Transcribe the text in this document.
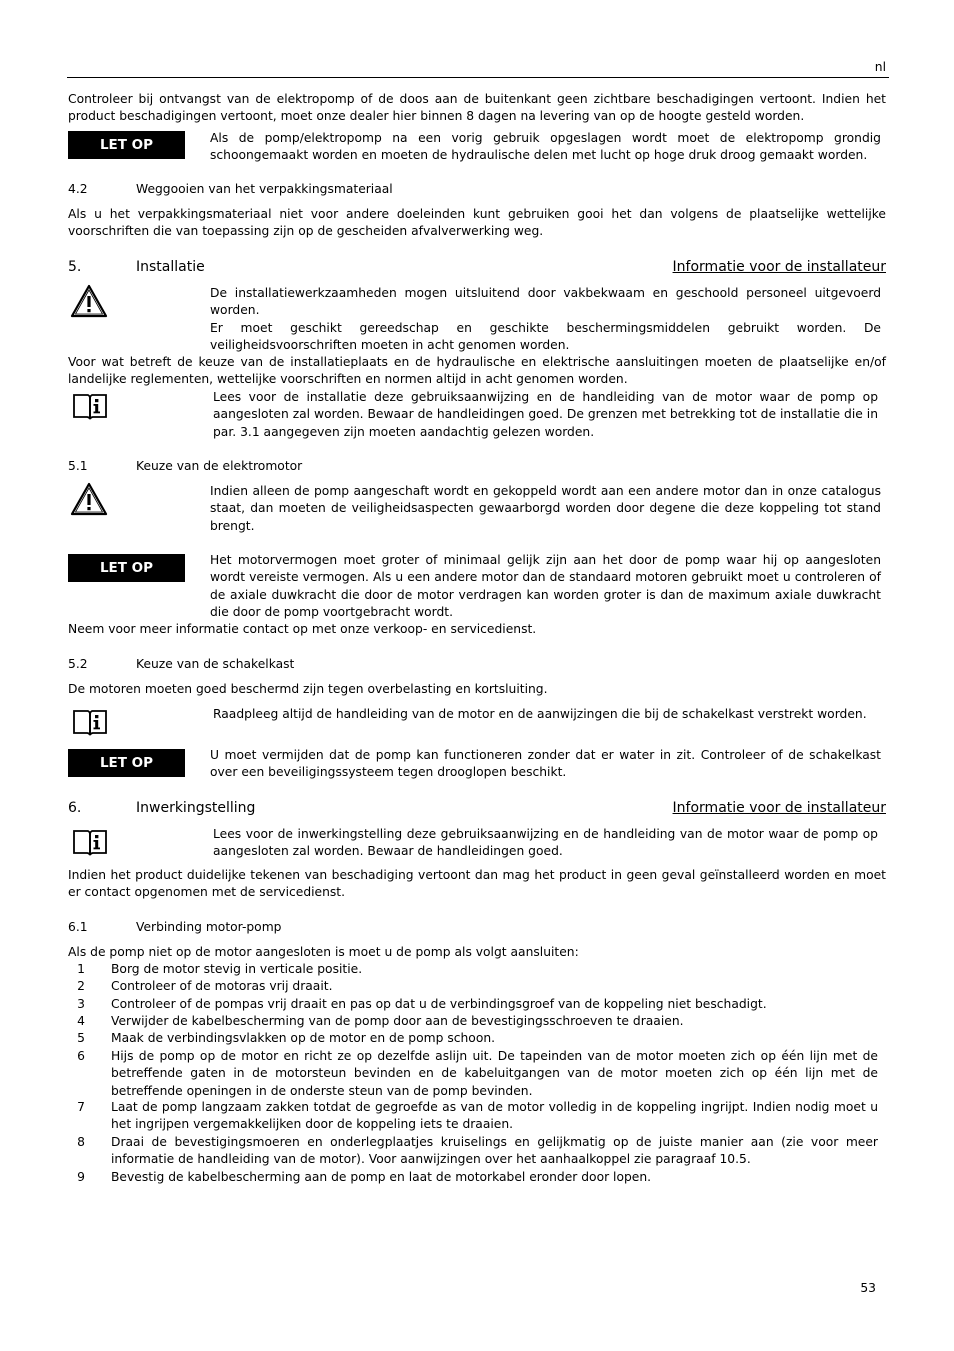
nl
Controleer bij ontvangst van de elektropomp of de doos aan de buitenkant geen zichtbare beschadigingen vertoont. Indien het product beschadigingen vertoont, moet onze dealer hier binnen 8 dagen na levering van op de hoogte gesteld worden.
LET OP	Als de pomp/elektropomp na een vorig gebruik opgeslagen wordt moet de elektropomp grondig schoongemaakt worden en moeten de hydraulische delen met lucht op hoge druk droog gemaakt worden.
4.2	Weggooien van het verpakkingsmateriaal
Als u het verpakkingsmateriaal niet voor andere doeleinden kunt gebruiken gooi het dan volgens de plaatselijke wettelijke voorschriften die van toepassing zijn op de gescheiden afvalverwerking weg.
5.	Installatie	Informatie voor de installateur
De installatiewerkzaamheden mogen uitsluitend door vakbekwaam en geschoold personeel uitgevoerd worden.
Er moet geschikt gereedschap en geschikte beschermingsmiddelen gebruikt worden. De veiligheidsvoorschriften moeten in acht genomen worden.
Voor wat betreft de keuze van de installatieplaats en de hydraulische en elektrische aansluitingen moeten de plaatselijke en/of landelijke reglementen, wettelijke voorschriften en normen altijd in acht genomen worden.
Lees voor de installatie deze gebruiksaanwijzing en de handleiding van de motor waar de pomp op aangesloten zal worden. Bewaar de handleidingen goed. De grenzen met betrekking tot de installatie die in par. 3.1 aangegeven zijn moeten aandachtig gelezen worden.
5.1	Keuze van de elektromotor
Indien alleen de pomp aangeschaft wordt en gekoppeld wordt aan een andere motor dan in onze catalogus staat, dan moeten de veiligheidsaspecten gewaarborgd worden door degene die deze koppeling tot stand brengt.
LET OP	Het motorvermogen moet groter of minimaal gelijk zijn aan het door de pomp waar hij op aangesloten wordt vereiste vermogen. Als u een andere motor dan de standaard motoren gebruikt moet u controleren of de axiale duwkracht die door de motor verdragen kan worden groter is dan de maximum axiale duwkracht die door de pomp voortgebracht wordt.
Neem voor meer informatie contact op met onze verkoop- en servicedienst.
5.2	Keuze van de schakelkast
De motoren moeten goed beschermd zijn tegen overbelasting en kortsluiting.
Raadpleeg altijd de handleiding van de motor en de aanwijzingen die bij de schakelkast verstrekt worden.
LET OP	U moet vermijden dat de pomp kan functioneren zonder dat er water in zit. Controleer of de schakelkast over een beveiligingssysteem tegen drooglopen beschikt.
6.	Inwerkingstelling	Informatie voor de installateur
Lees voor de inwerkingstelling deze gebruiksaanwijzing en de handleiding van de motor waar de pomp op aangesloten zal worden. Bewaar de handleidingen goed.
Indien het product duidelijke tekenen van beschadiging vertoont dan mag het product in geen geval geïnstalleerd worden en moet er contact opgenomen met de servicedienst.
6.1	Verbinding motor-pomp
Als de pomp niet op de motor aangesloten is moet u de pomp als volgt aansluiten:
1	Borg de motor stevig in verticale positie.
2	Controleer of de motoras vrij draait.
3	Controleer of de pompas vrij draait en pas op dat u de verbindingsgroef van de koppeling niet beschadigt.
4	Verwijder de kabelbescherming van de pomp door aan de bevestigingsschroeven te draaien.
5	Maak de verbindingsvlakken op de motor en de pomp schoon.
6	Hijs de pomp op de motor en richt ze op dezelfde aslijn uit. De tapeinden van de motor moeten zich op één lijn met de betreffende gaten in de motorsteun bevinden en de kabeluitgangen van de motor moeten zich op één lijn met de betreffende openingen in de onderste steun van de pomp bevinden.
7	Laat de pomp langzaam zakken totdat de gegroefde as van de motor volledig in de koppeling ingrijpt. Indien nodig moet u het ingrijpen vergemakkelijken door de koppeling iets te draaien.
8	Draai de bevestigingsmoeren en onderlegplaatjes kruiselings en gelijkmatig op de juiste manier aan (zie voor meer informatie de handleiding van de motor). Voor aanwijzingen over het aanhaalkoppel zie paragraaf 10.5.
9	Bevestig de kabelbescherming aan de pomp en laat de motorkabel eronder door lopen.
53
